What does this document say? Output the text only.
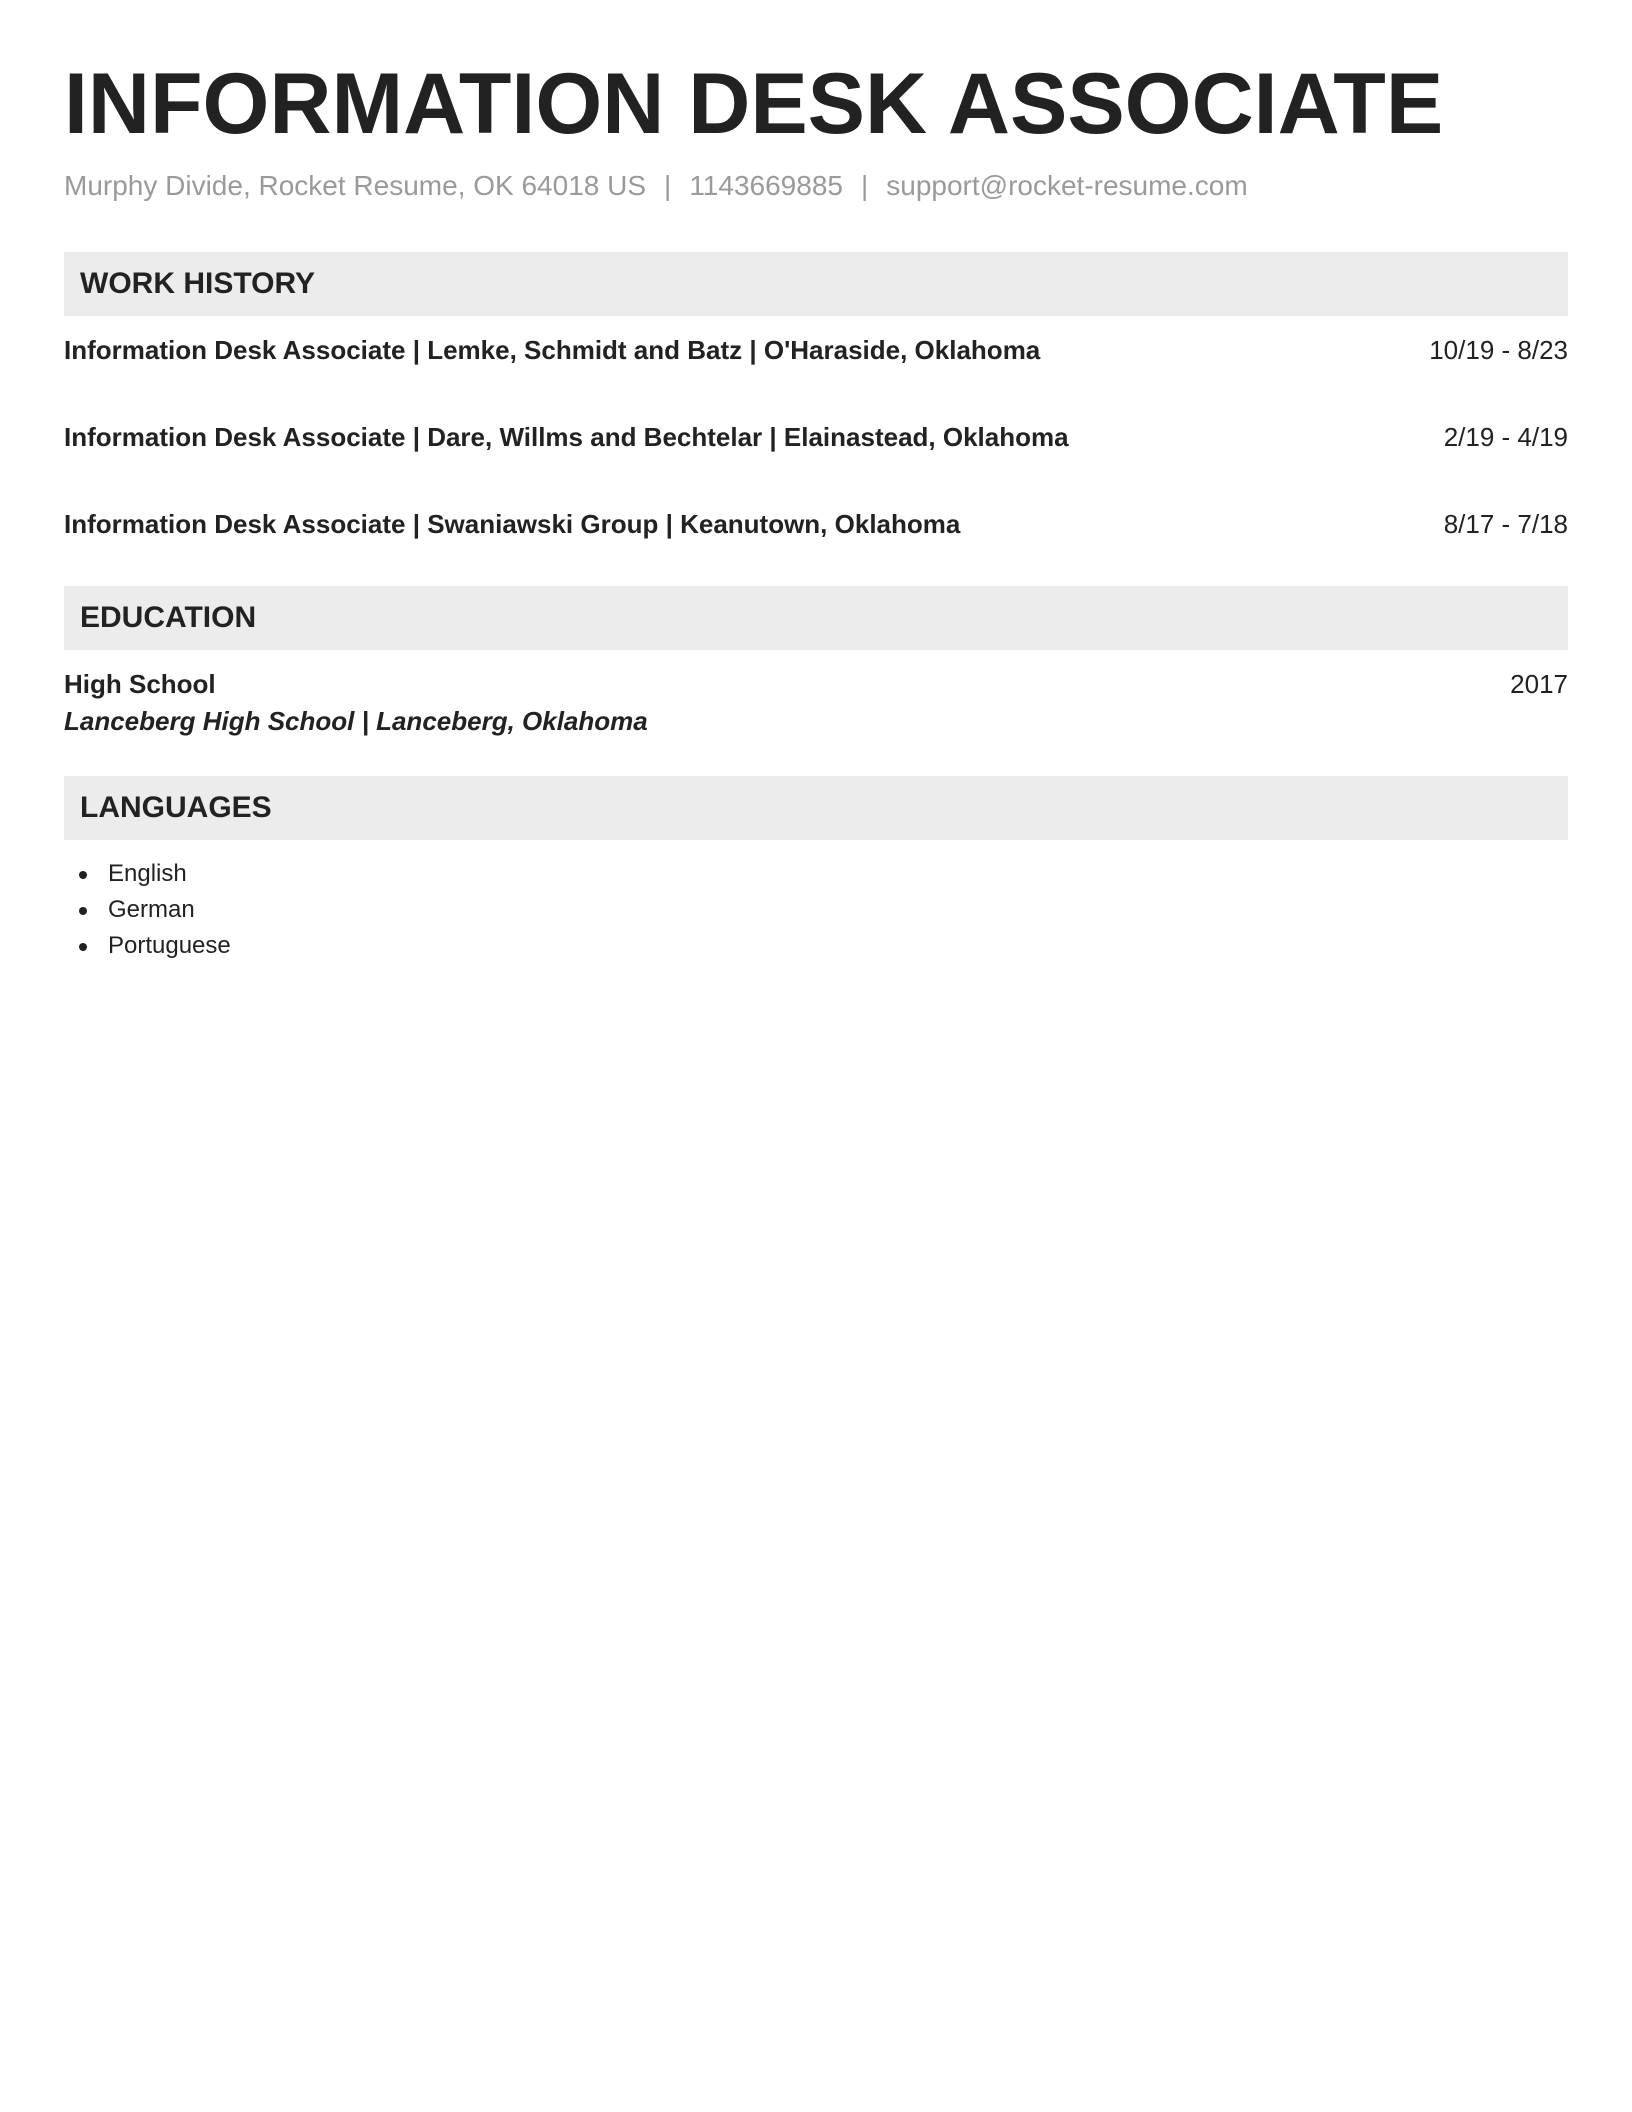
INFORMATION DESK ASSOCIATE
Murphy Divide, Rocket Resume, OK 64018 US | 1143669885 | support@rocket-resume.com
WORK HISTORY
Information Desk Associate | Lemke, Schmidt and Batz | O'Haraside, Oklahoma	10/19 - 8/23
Information Desk Associate | Dare, Willms and Bechtelar | Elainastead, Oklahoma	2/19 - 4/19
Information Desk Associate | Swaniawski Group | Keanutown, Oklahoma	8/17 - 7/18
EDUCATION
High School	2017
Lanceberg High School | Lanceberg, Oklahoma
LANGUAGES
English
German
Portuguese
